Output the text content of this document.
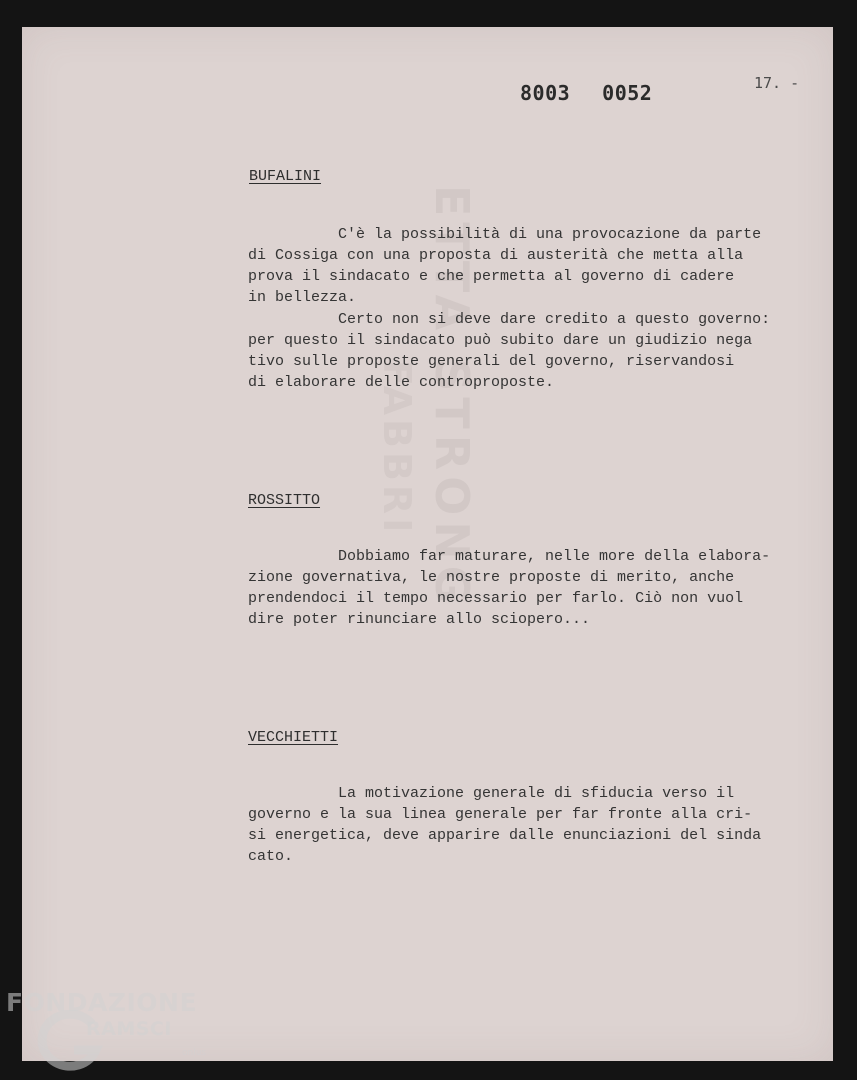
ETTA STRONG
FABBRI
8003 0052	17. -
BUFALINI

C'è la possibilità di una provocazione da parte
di Cossiga con una proposta di austerità che metta alla
prova il sindacato e che permetta al governo di cadere
in bellezza.

Certo non si deve dare credito a questo governo:
per questo il sindacato può subito dare un giudizio nega
tivo sulle proposte generali del governo, riservandosi
di elaborare delle controproposte.

ROSSITTO

Dobbiamo far maturare, nelle more della elabora-
zione governativa, le nostre proposte di merito, anche
prendendoci il tempo necessario per farlo. Ciò non vuol
dire poter rinunciare allo sciopero...

VECCHIETTI

La motivazione generale di sfiducia verso il
governo e la sua linea generale per far fronte alla cri-
si energetica, deve apparire dalle enunciazioni del sinda
cato.

FONDAZIONE
RAMSCI
onlus
